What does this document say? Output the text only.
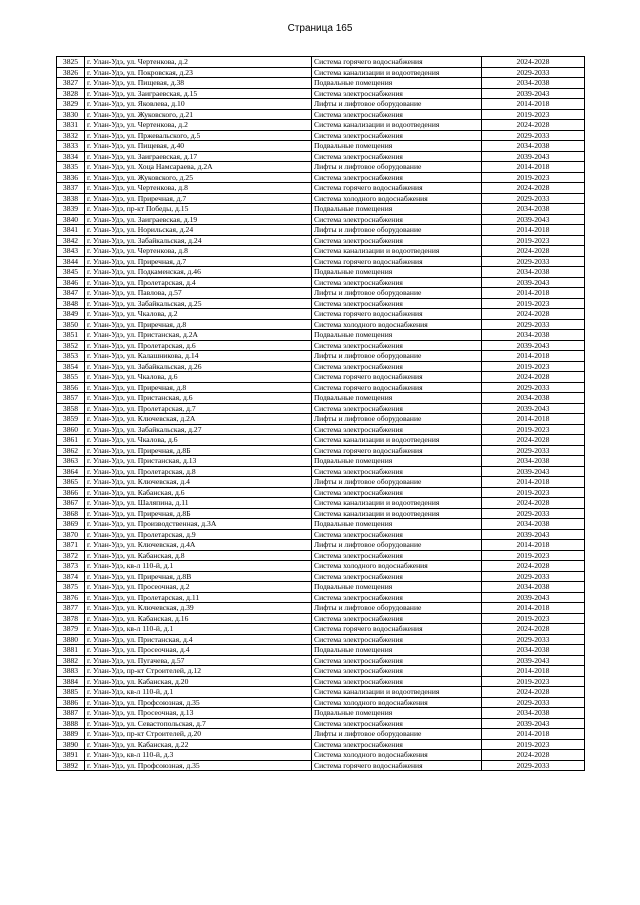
Страница 165
3825	г. Улан-Удэ, ул. Чертенкова, д.2	Система горячего водоснабжения	2024-2028
3826	г. Улан-Удэ, ул. Покровская, д.23	Система канализации и водоотведения	2029-2033
3827	г. Улан-Удэ, ул. Пищевая, д.38	Подвальные помещения	2034-2038
3828	г. Улан-Удэ, ул. Заиграевская, д.15	Система электроснабжения	2039-2043
3829	г. Улан-Удэ, ул. Яковлева, д.10	Лифты и лифтовое оборудование	2014-2018
3830	г. Улан-Удэ, ул. Жуковского, д.21	Система электроснабжения	2019-2023
3831	г. Улан-Удэ, ул. Чертенкова, д.2	Система канализации и водоотведения	2024-2028
3832	г. Улан-Удэ, ул. Пржевальского, д.5	Система электроснабжения	2029-2033
3833	г. Улан-Удэ, ул. Пищевая, д.40	Подвальные помещения	2034-2038
3834	г. Улан-Удэ, ул. Заиграевская, д.17	Система электроснабжения	2039-2043
3835	г. Улан-Удэ, ул. Хоца Намсараева, д.2А	Лифты и лифтовое оборудование	2014-2018
3836	г. Улан-Удэ, ул. Жуковского, д.25	Система электроснабжения	2019-2023
3837	г. Улан-Удэ, ул. Чертенкова, д.8	Система горячего водоснабжения	2024-2028
3838	г. Улан-Удэ, ул. Приречная, д.7	Система холодного водоснабжения	2029-2033
3839	г. Улан-Удэ, пр-кт Победы, д.15	Подвальные помещения	2034-2038
3840	г. Улан-Удэ, ул. Заиграевская, д.19	Система электроснабжения	2039-2043
3841	г. Улан-Удэ, ул. Норильская, д.24	Лифты и лифтовое оборудование	2014-2018
3842	г. Улан-Удэ, ул. Забайкальская, д.24	Система электроснабжения	2019-2023
3843	г. Улан-Удэ, ул. Чертенкова, д.8	Система канализации и водоотведения	2024-2028
3844	г. Улан-Удэ, ул. Приречная, д.7	Система горячего водоснабжения	2029-2033
3845	г. Улан-Удэ, ул. Подкаменская, д.46	Подвальные помещения	2034-2038
3846	г. Улан-Удэ, ул. Пролетарская, д.4	Система электроснабжения	2039-2043
3847	г. Улан-Удэ, ул. Павлова, д.57	Лифты и лифтовое оборудование	2014-2018
3848	г. Улан-Удэ, ул. Забайкальская, д.25	Система электроснабжения	2019-2023
3849	г. Улан-Удэ, ул. Чкалова, д.2	Система горячего водоснабжения	2024-2028
3850	г. Улан-Удэ, ул. Приречная, д.8	Система холодного водоснабжения	2029-2033
3851	г. Улан-Удэ, ул. Пристанская, д.2А	Подвальные помещения	2034-2038
3852	г. Улан-Удэ, ул. Пролетарская, д.6	Система электроснабжения	2039-2043
3853	г. Улан-Удэ, ул. Калашникова, д.14	Лифты и лифтовое оборудование	2014-2018
3854	г. Улан-Удэ, ул. Забайкальская, д.26	Система электроснабжения	2019-2023
3855	г. Улан-Удэ, ул. Чкалова, д.6	Система горячего водоснабжения	2024-2028
3856	г. Улан-Удэ, ул. Приречная, д.8	Система горячего водоснабжения	2029-2033
3857	г. Улан-Удэ, ул. Пристанская, д.6	Подвальные помещения	2034-2038
3858	г. Улан-Удэ, ул. Пролетарская, д.7	Система электроснабжения	2039-2043
3859	г. Улан-Удэ, ул. Ключевская, д.2А	Лифты и лифтовое оборудование	2014-2018
3860	г. Улан-Удэ, ул. Забайкальская, д.27	Система электроснабжения	2019-2023
3861	г. Улан-Удэ, ул. Чкалова, д.6	Система канализации и водоотведения	2024-2028
3862	г. Улан-Удэ, ул. Приречная, д.8Б	Система горячего водоснабжения	2029-2033
3863	г. Улан-Удэ, ул. Пристанская, д.13	Подвальные помещения	2034-2038
3864	г. Улан-Удэ, ул. Пролетарская, д.8	Система электроснабжения	2039-2043
3865	г. Улан-Удэ, ул. Ключевская, д.4	Лифты и лифтовое оборудование	2014-2018
3866	г. Улан-Удэ, ул. Кабанская, д.6	Система электроснабжения	2019-2023
3867	г. Улан-Удэ, ул. Шаляпина, д.11	Система канализации и водоотведения	2024-2028
3868	г. Улан-Удэ, ул. Приречная, д.8Б	Система канализации и водоотведения	2029-2033
3869	г. Улан-Удэ, ул. Производственная, д.3А	Подвальные помещения	2034-2038
3870	г. Улан-Удэ, ул. Пролетарская, д.9	Система электроснабжения	2039-2043
3871	г. Улан-Удэ, ул. Ключевская, д.4А	Лифты и лифтовое оборудование	2014-2018
3872	г. Улан-Удэ, ул. Кабанская, д.8	Система электроснабжения	2019-2023
3873	г. Улан-Удэ, кв-л 110-й, д.1	Система холодного водоснабжения	2024-2028
3874	г. Улан-Удэ, ул. Приречная, д.8В	Система электроснабжения	2029-2033
3875	г. Улан-Удэ, ул. Просеочная, д.2	Подвальные помещения	2034-2038
3876	г. Улан-Удэ, ул. Пролетарская, д.11	Система электроснабжения	2039-2043
3877	г. Улан-Удэ, ул. Ключевская, д.39	Лифты и лифтовое оборудование	2014-2018
3878	г. Улан-Удэ, ул. Кабанская, д.16	Система электроснабжения	2019-2023
3879	г. Улан-Удэ, кв-л 110-й, д.1	Система горячего водоснабжения	2024-2028
3880	г. Улан-Удэ, ул. Пристанская, д.4	Система электроснабжения	2029-2033
3881	г. Улан-Удэ, ул. Просеочная, д.4	Подвальные помещения	2034-2038
3882	г. Улан-Удэ, ул. Пугачева, д.57	Система электроснабжения	2039-2043
3883	г. Улан-Удэ, пр-кт Строителей, д.12	Система электроснабжения	2014-2018
3884	г. Улан-Удэ, ул. Кабанская, д.20	Система электроснабжения	2019-2023
3885	г. Улан-Удэ, кв-л 110-й, д.1	Система канализации и водоотведения	2024-2028
3886	г. Улан-Удэ, ул. Профсоюзная, д.35	Система холодного водоснабжения	2029-2033
3887	г. Улан-Удэ, ул. Просеочная, д.13	Подвальные помещения	2034-2038
3888	г. Улан-Удэ, ул. Севастопольская, д.7	Система электроснабжения	2039-2043
3889	г. Улан-Удэ, пр-кт Строителей, д.20	Лифты и лифтовое оборудование	2014-2018
3890	г. Улан-Удэ, ул. Кабанская, д.22	Система электроснабжения	2019-2023
3891	г. Улан-Удэ, кв-л 110-й, д.3	Система холодного водоснабжения	2024-2028
3892	г. Улан-Удэ, ул. Профсоюзная, д.35	Система горячего водоснабжения	2029-2033
